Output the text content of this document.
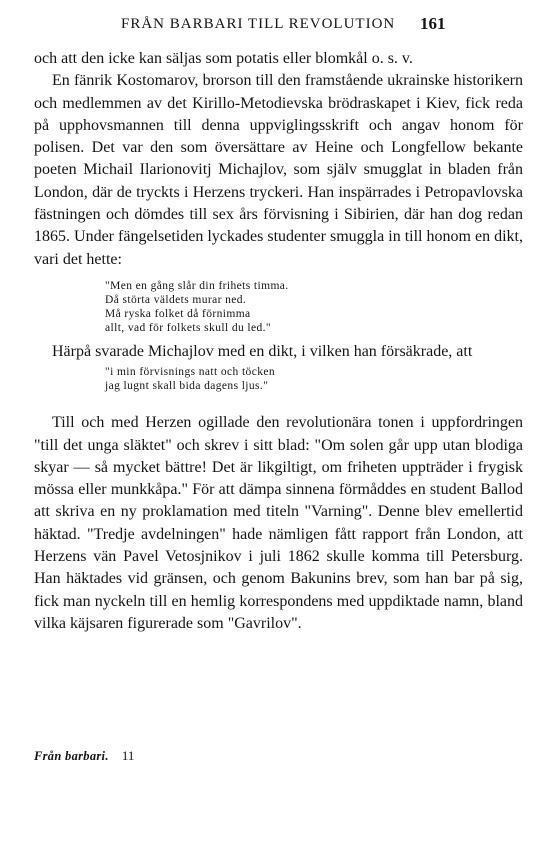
FRÅN BARBARI TILL REVOLUTION 161

och att den icke kan säljas som potatis eller blomkål o. s. v.

En fänrik Kostomarov, brorson till den framstående ukrainske historikern och medlemmen av det Kirillo-Metodievska brödraskapet i Kiev, fick reda på upphovsmannen till denna uppviglingsskrift och angav honom för polisen. Det var den som översättare av Heine och Longfellow bekante poeten Michail Ilarionovitj Michajlov, som själv smugglat in bladen från London, där de tryckts i Herzens tryckeri. Han inspärrades i Petropavlovska fästningen och dömdes till sex års förvisning i Sibirien, där han dog redan 1865. Under fängelsetiden lyckades studenter smuggla in till honom en dikt, vari det hette:

"Men en gång slår din frihets timma.
Då störta väldets murar ned.
Må ryska folket då förnimma
allt, vad för folkets skull du led."

Härpå svarade Michajlov med en dikt, i vilken han försäkrade, att

"i min förvisnings natt och töcken
jag lugnt skall bida dagens ljus."

Till och med Herzen ogillade den revolutionära tonen i uppfordringen "till det unga släktet" och skrev i sitt blad: "Om solen går upp utan blodiga skyar — så mycket bättre! Det är likgiltigt, om friheten uppträder i frygisk mössa eller munkkåpa." För att dämpa sinnena förmåddes en student Ballod att skriva en ny proklamation med titeln "Varning". Denne blev emellertid häktad. "Tredje avdelningen" hade nämligen fått rapport från London, att Herzens vän Pavel Vetosjnikov i juli 1862 skulle komma till Petersburg. Han häktades vid gränsen, och genom Bakunins brev, som han bar på sig, fick man nyckeln till en hemlig korrespondens med uppdiktade namn, bland vilka käjsaren figurerade som "Gavrilov".

Från barbari. 11
